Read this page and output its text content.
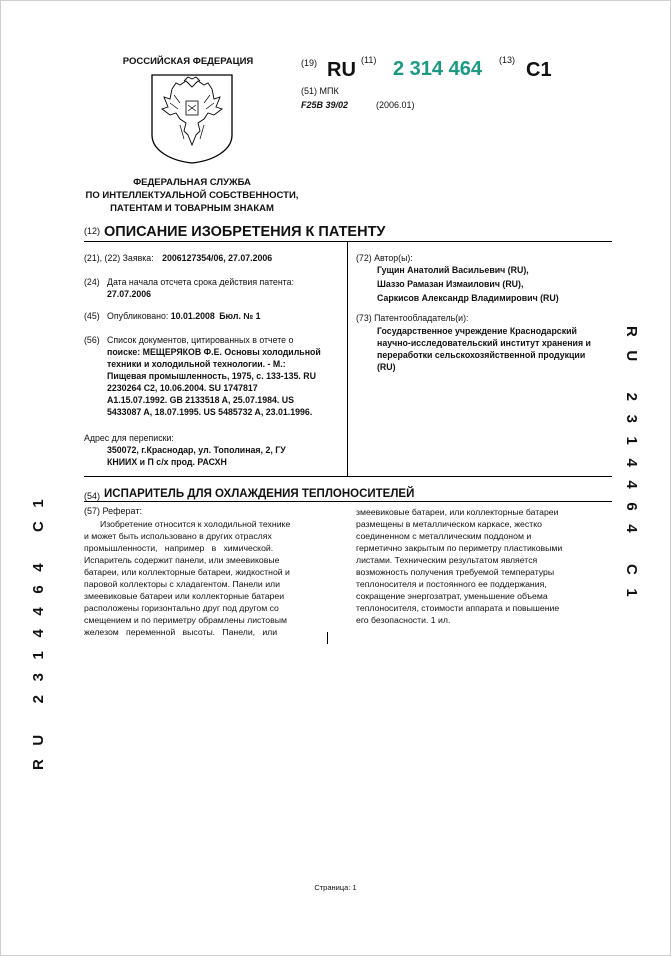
РОССИЙСКАЯ ФЕДЕРАЦИЯ
ФЕДЕРАЛЬНАЯ СЛУЖБА
ПО ИНТЕЛЛЕКТУАЛЬНОЙ СОБСТВЕННОСТИ,
ПАТЕНТАМ И ТОВАРНЫМ ЗНАКАМ
(19) RU (11) 2 314 464 (13) C1
(51) МПК
F25B 39/02	(2006.01)
(12) ОПИСАНИЕ ИЗОБРЕТЕНИЯ К ПАТЕНТУ
(21), (22) Заявка: 2006127354/06, 27.07.2006
(24) Дата начала отсчета срока действия патента:
27.07.2006
(45) Опубликовано: 10.01.2008 Бюл. № 1
(56) Список документов, цитированных в отчете о
поиске: МЕЩЕРЯКОВ Ф.Е. Основы холодильной
техники и холодильной технологии. - М.:
Пищевая промышленность, 1975, с. 133-135. RU
2230264 С2, 10.06.2004. SU 1747817
A1.15.07.1992. GB 2133518 A, 25.07.1984. US
5433087 A, 18.07.1995. US 5485732 A, 23.01.1996.
Адрес для переписки:
350072, г.Краснодар, ул. Тополиная, 2, ГУ
КНИИХ и П с/х прод. РАСХН
(72) Автор(ы):
Гущин Анатолий Васильевич (RU),
Шаззо Рамазан Измаилович (RU),
Саркисов Александр Владимирович (RU)
(73) Патентообладатель(и):
Государственное учреждение Краснодарский
научно-исследовательский институт хранения и
переработки сельскохозяйственной продукции
(RU)
(54) ИСПАРИТЕЛЬ ДЛЯ ОХЛАЖДЕНИЯ ТЕПЛОНОСИТЕЛЕЙ
(57) Реферат:
Изобретение относится к холодильной технике
и может быть использовано в других отраслях
промышленности,   например   в   химической.
Испаритель содержит панели, или змеевиковые
батареи, или коллекторные батареи, жидкостной и
паровой коллекторы с хладагентом. Панели или
змеевиковые батареи или коллекторные батареи
расположены горизонтально друг под другом со
смещением и по периметру обрамлены листовым
железом   переменной   высоты.   Панели,   или
змеевиковые батареи, или коллекторные батареи
размещены в металлическом каркасе, жестко
соединенном с металлическим поддоном и
герметично закрытым по периметру пластиковыми
листами. Техническим результатом является
возможность получения требуемой температуры
теплоносителя и постоянного ее поддержания,
сокращение энергозатрат, уменьшение объема
теплоносителя, стоимости аппарата и повышение
его безопасности. 1 ил.
RU 2314464 C1
RU 2314464 C1
Страница: 1
